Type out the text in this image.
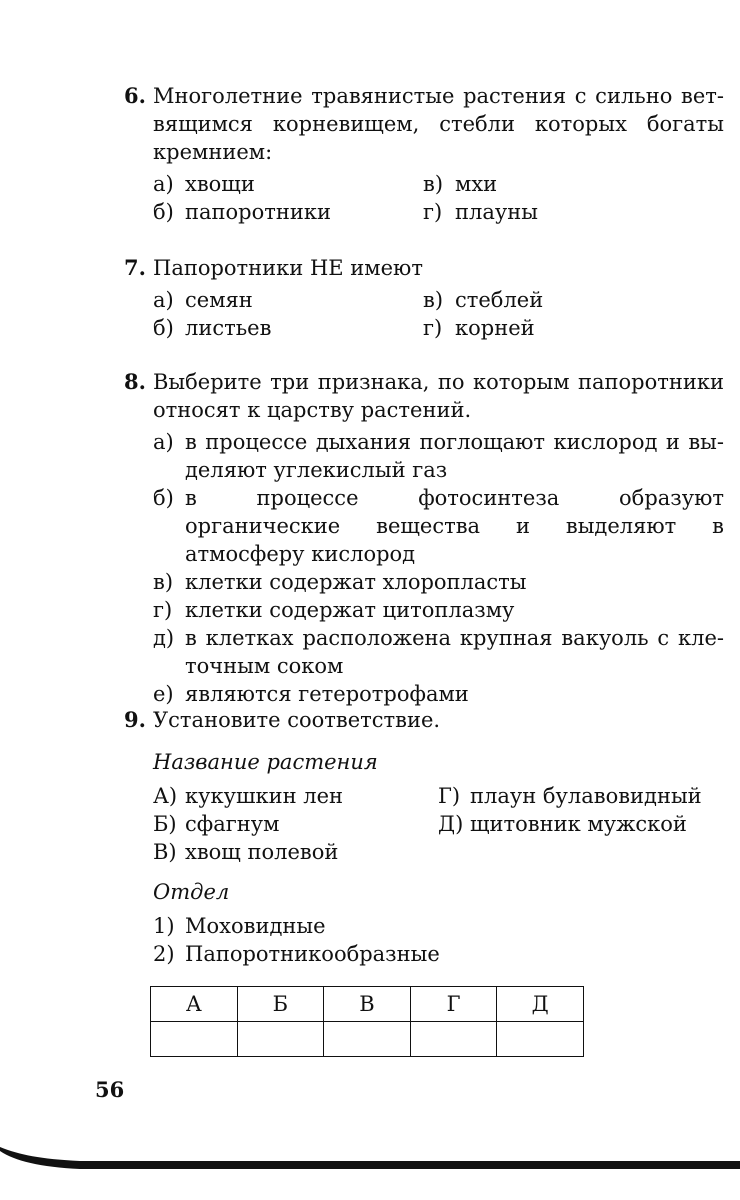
6. Многолетние травянистые растения с сильно ветвящимся корневищем, стебли которых богаты кремнием:
а) хвощи	в) мхи
б) папоротники	г) плауны
7. Папоротники НЕ имеют
а) семян	в) стеблей
б) листьев	г) корней
8. Выберите три признака, по которым папоротники относят к царству растений.
а) в процессе дыхания поглощают кислород и выделяют углекислый газ
б) в процессе фотосинтеза образуют органические вещества и выделяют в атмосферу кислород
в) клетки содержат хлоропласты
г) клетки содержат цитоплазму
д) в клетках расположена крупная вакуоль с клеточным соком
е) являются гетеротрофами
9. Установите соответствие.
Название растения
А) кукушкин лен	Г) плаун булавовидный
Б) сфагнум	Д) щитовник мужской
В) хвощ полевой
Отдел
1) Моховидные
2) Папоротникообразные
А	Б	В	Г	Д

56
